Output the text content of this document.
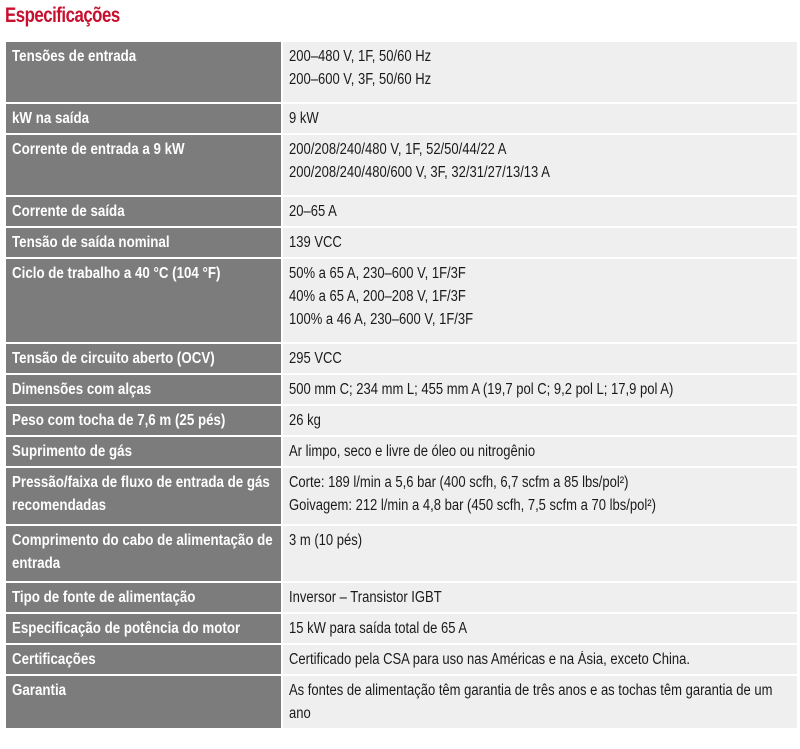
Especificações
Tensões de entrada	200–480 V, 1F, 50/60 Hz
200–600 V, 3F, 50/60 Hz
kW na saída	9 kW
Corrente de entrada a 9 kW	200/208/240/480 V, 1F, 52/50/44/22 A
200/208/240/480/600 V, 3F, 32/31/27/13/13 A
Corrente de saída	20–65 A
Tensão de saída nominal	139 VCC
Ciclo de trabalho a 40 °C (104 °F)	50% a 65 A, 230–600 V, 1F/3F
40% a 65 A, 200–208 V, 1F/3F
100% a 46 A, 230–600 V, 1F/3F
Tensão de circuito aberto (OCV)	295 VCC
Dimensões com alças	500 mm C; 234 mm L; 455 mm A (19,7 pol C; 9,2 pol L; 17,9 pol A)
Peso com tocha de 7,6 m (25 pés)	26 kg
Suprimento de gás	Ar limpo, seco e livre de óleo ou nitrogênio
Pressão/faixa de fluxo de entrada de gás recomendadas	Corte: 189 l/min a 5,6 bar (400 scfh, 6,7 scfm a 85 lbs/pol²)
Goivagem: 212 l/min a 4,8 bar (450 scfh, 7,5 scfm a 70 lbs/pol²)
Comprimento do cabo de alimentação de entrada	3 m (10 pés)
Tipo de fonte de alimentação	Inversor – Transistor IGBT
Especificação de potência do motor	15 kW para saída total de 65 A
Certificações	Certificado pela CSA para uso nas Américas e na Ásia, exceto China.
Garantia	As fontes de alimentação têm garantia de três anos e as tochas têm garantia de um ano
